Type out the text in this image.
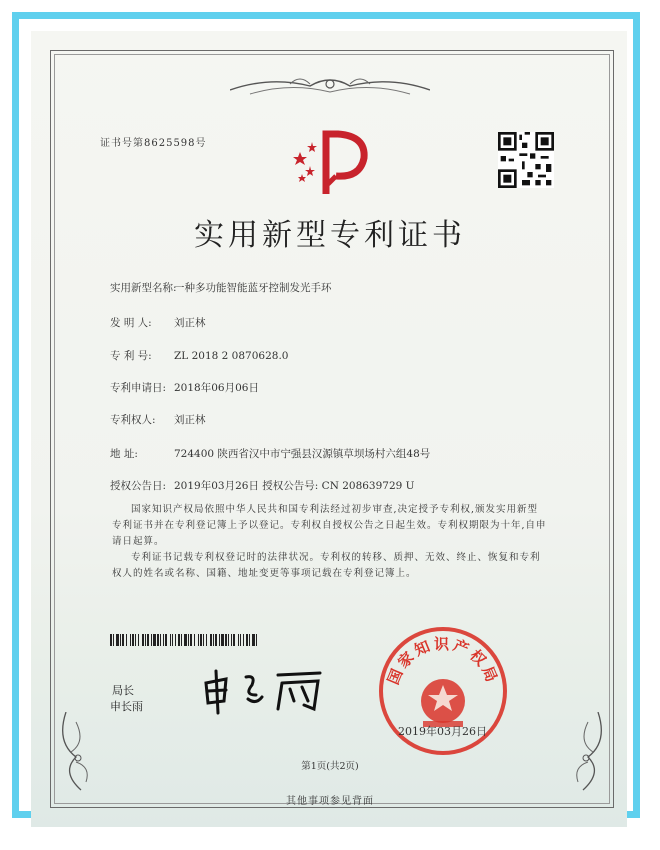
证书号第8625598号
实用新型专利证书
实用新型名称:一种多功能智能蓝牙控制发光手环
发 明 人: 刘正林
专 利 号: ZL 2018 2 0870628.0
专利申请日: 2018年06月06日
专利权人: 刘正林
地 址:	724400 陕西省汉中市宁强县汉源镇草坝场村六组48号
授权公告日: 2019年03月26日 授权公告号: CN 208639729 U
国家知识产权局依照中华人民共和国专利法经过初步审查,决定授予专利权,颁发实用新型专利证书并在专利登记簿上予以登记。专利权自授权公告之日起生效。专利权期限为十年,自申请日起算。
专利证书记载专利权登记时的法律状况。专利权的转移、质押、无效、终止、恢复和专利权人的姓名或名称、国籍、地址变更等事项记载在专利登记簿上。
局长
申长雨
国家知识产权局
2019年03月26日
第1页(共2页)
其他事项参见背面
